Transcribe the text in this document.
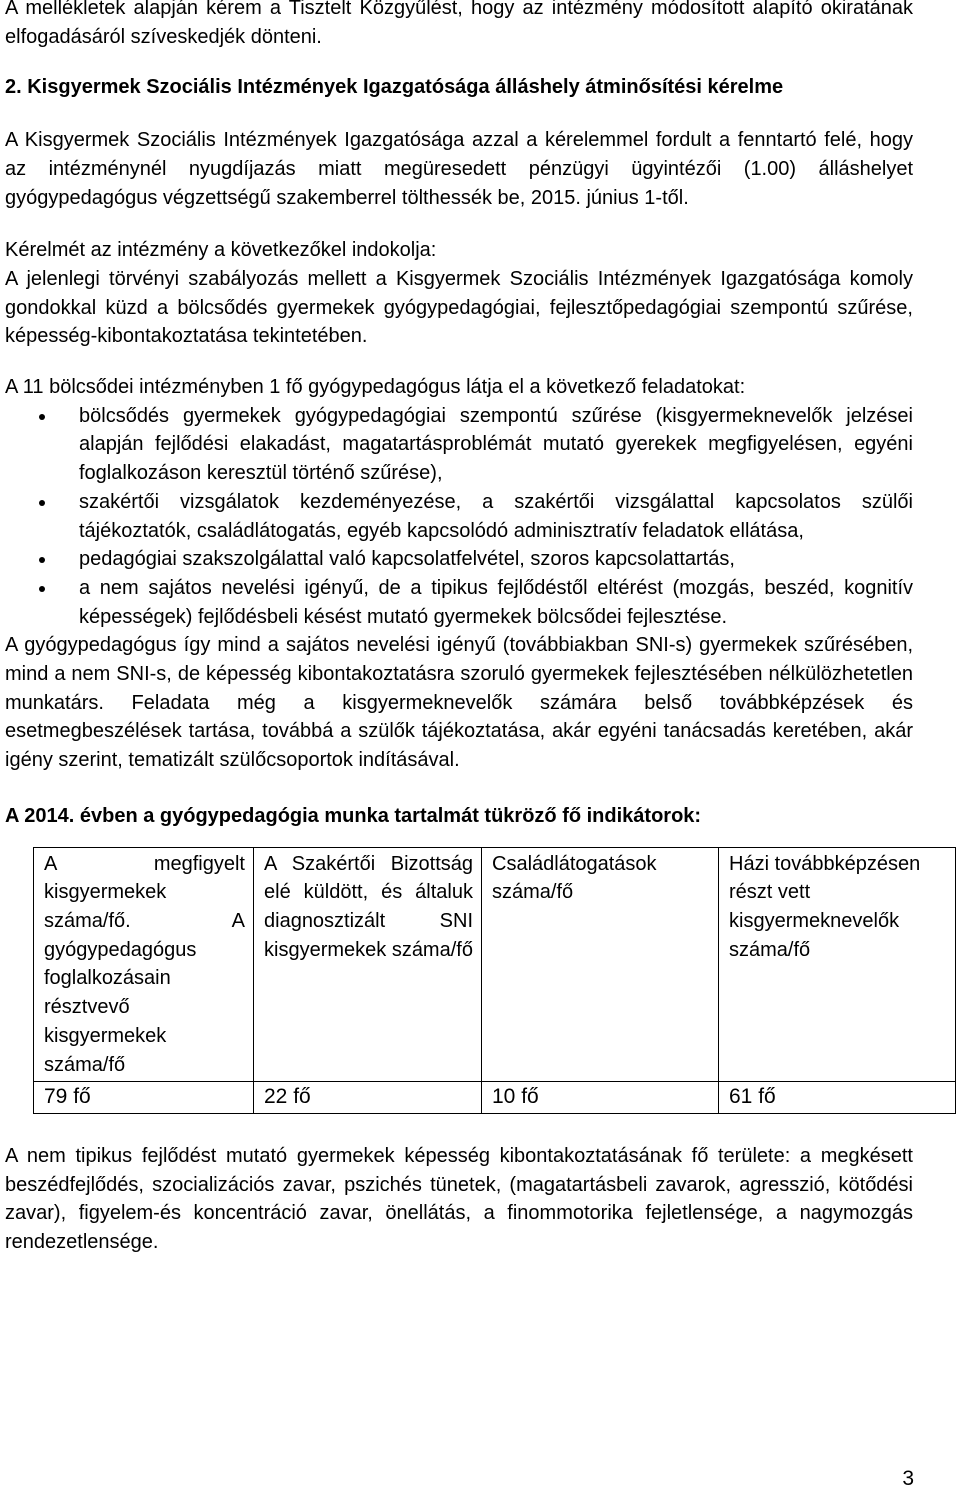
A mellékletek alapján kérem a Tisztelt Közgyűlést, hogy az intézmény módosított alapító okiratának elfogadásáról szíveskedjék dönteni.

2. Kisgyermek Szociális Intézmények Igazgatósága álláshely átminősítési kérelme

A Kisgyermek Szociális Intézmények Igazgatósága azzal a kérelemmel fordult a fenntartó felé, hogy az intézménynél nyugdíjazás miatt megüresedett pénzügyi ügyintézői (1.00) álláshelyet gyógypedagógus végzettségű szakemberrel tölthessék be, 2015. június 1-től.

Kérelmét az intézmény a következőkel indokolja:

A jelenlegi törvényi szabályozás mellett a Kisgyermek Szociális Intézmények Igazgatósága komoly gondokkal küzd a bölcsődés gyermekek gyógypedagógiai, fejlesztőpedagógiai szempontú szűrése, képesség-kibontakoztatása tekintetében.

A 11 bölcsődei intézményben 1 fő gyógypedagógus látja el a következő feladatokat:

bölcsődés gyermekek gyógypedagógiai szempontú szűrése (kisgyermeknevelők jelzései alapján fejlődési elakadást, magatartásproblémát mutató gyerekek megfigyelésen, egyéni foglalkozáson keresztül történő szűrése),
szakértői vizsgálatok kezdeményezése, a szakértői vizsgálattal kapcsolatos szülői tájékoztatók, családlátogatás, egyéb kapcsolódó adminisztratív feladatok ellátása,
pedagógiai szakszolgálattal való kapcsolatfelvétel, szoros kapcsolattartás,
a nem sajátos nevelési igényű, de a tipikus fejlődéstől eltérést (mozgás, beszéd, kognitív képességek) fejlődésbeli késést mutató gyermekek bölcsődei fejlesztése.

A gyógypedagógus így mind a sajátos nevelési igényű (továbbiakban SNI-s) gyermekek szűrésében, mind a nem SNI-s, de képesség kibontakoztatásra szoruló gyermekek fejlesztésében nélkülözhetetlen munkatárs. Feladata még a kisgyermeknevelők számára belső továbbképzések és esetmegbeszélések tartása, továbbá a szülők tájékoztatása, akár egyéni tanácsadás keretében, akár igény szerint, tematizált szülőcsoportok indításával.

A 2014. évben a gyógypedagógia munka tartalmát tükröző fő indikátorok:

A megfigyelt kisgyermekek száma/fő. A gyógypedagógus foglalkozásain résztvevő kisgyermekek száma/fő	A Szakértői Bizottság elé küldött, és általuk diagnosztizált SNI kisgyermekek száma/fő	Családlátogatások száma/fő	Házi továbbképzésen részt vett kisgyermeknevelők száma/fő
79 fő	22 fő	10 fő	61 fő

A nem tipikus fejlődést mutató gyermekek képesség kibontakoztatásának fő területe: a megkésett beszédfejlődés, szocializációs zavar, pszichés tünetek, (magatartásbeli zavarok, agresszió, kötődési zavar), figyelem-és koncentráció zavar, önellátás, a finommotorika fejletlensége, a nagymozgás rendezetlensége.

3
